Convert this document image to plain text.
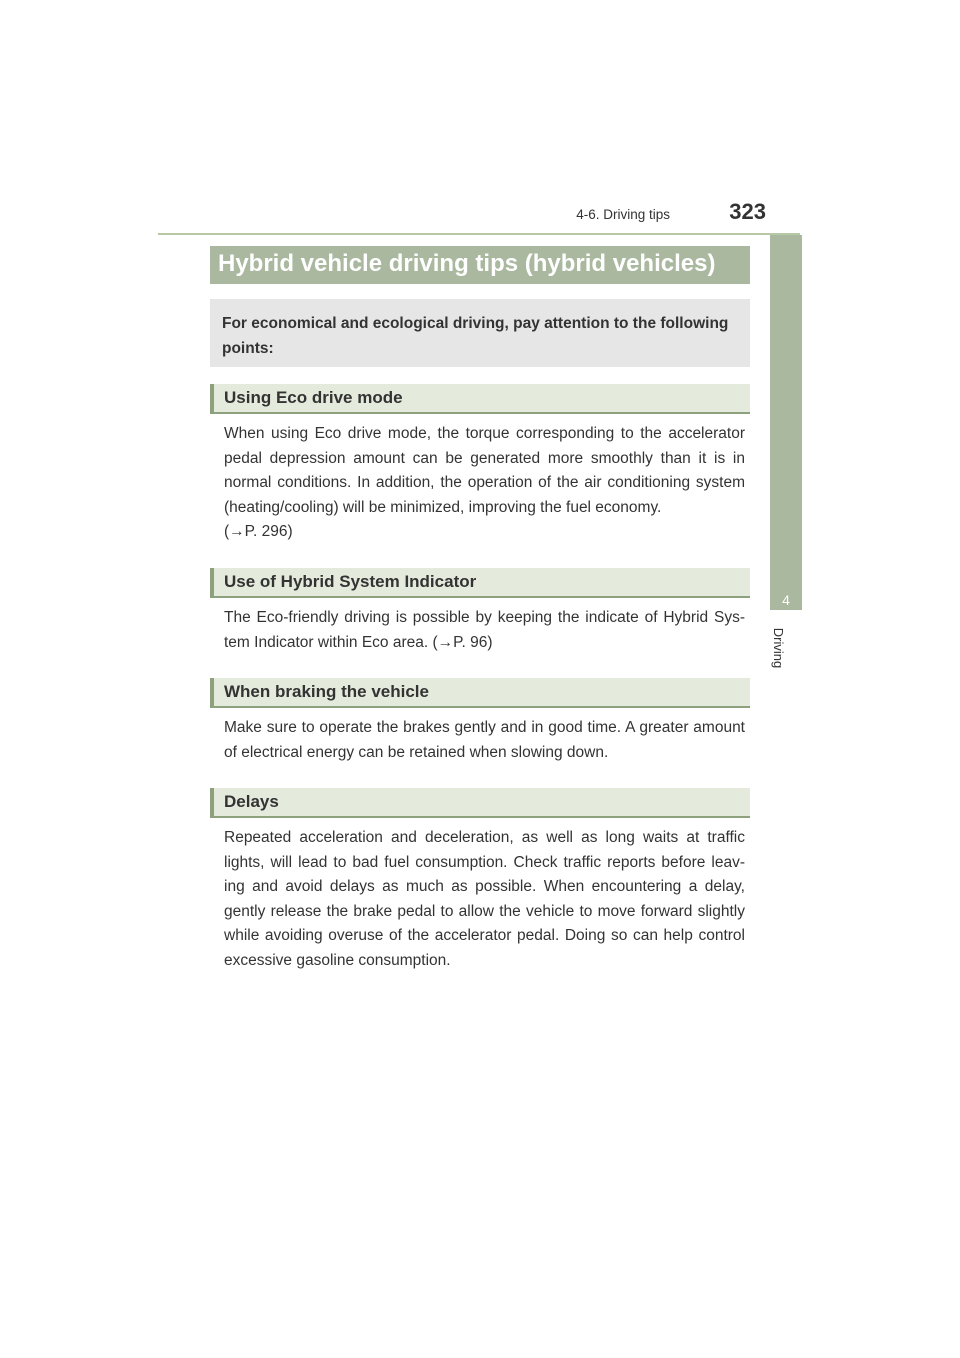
4-6. Driving tips	323
4
Driving
Hybrid vehicle driving tips (hybrid vehicles)
For economical and ecological driving, pay attention to the following points:
Using Eco drive mode
When using Eco drive mode, the torque corresponding to the accelerator pedal depression amount can be generated more smoothly than it is in normal conditions. In addition, the operation of the air conditioning system (heating/cooling) will be minimized, improving the fuel economy.
(→P. 296)
Use of Hybrid System Indicator
The Eco-friendly driving is possible by keeping the indicate of Hybrid Sys-tem Indicator within Eco area. (→P. 96)
When braking the vehicle
Make sure to operate the brakes gently and in good time. A greater amount of electrical energy can be retained when slowing down.
Delays
Repeated acceleration and deceleration, as well as long waits at traffic lights, will lead to bad fuel consumption. Check traffic reports before leav-ing and avoid delays as much as possible. When encountering a delay, gently release the brake pedal to allow the vehicle to move forward slightly while avoiding overuse of the accelerator pedal. Doing so can help control excessive gasoline consumption.
